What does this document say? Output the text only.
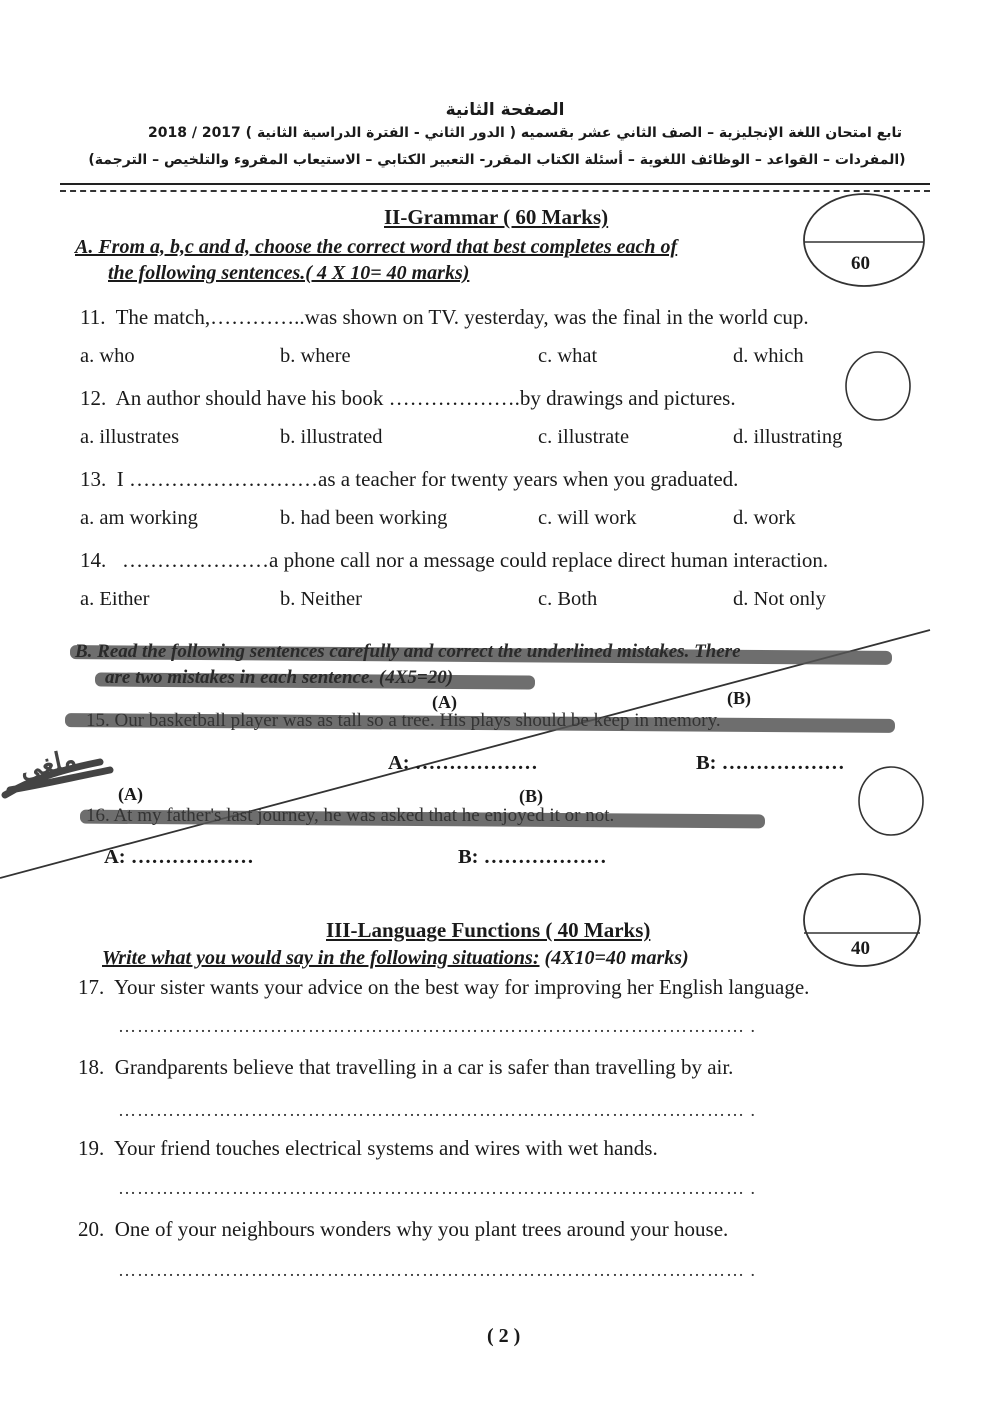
الصفحة الثانية
تابع امتحان اللغة الإنجليزية – الصف الثاني عشر بقسميه ( الدور الثاني - الفترة الدراسية الثانية ) 2017 / 2018
(المفردات – القواعد – الوظائف اللغوية – أسئلة الكتاب المقرر- التعبير الكتابي – الاستيعاب المقروء والتلخيص – الترجمة)
II-Grammar ( 60 Marks)
60
A. From a, b,c and d, choose the correct word that best completes each of
the following sentences.( 4 X 10= 40 marks)
11. The match,…………..was shown on TV. yesterday, was the final in the world cup.
a. who	b. where	c. what	d. which
12. An author should have his book ……………….by drawings and pictures.
a. illustrates	b. illustrated	c. illustrate	d. illustrating
13. I ………………………as a teacher for twenty years when you graduated.
a. am working	b. had been working	c. will work	d. work
14. …………………a phone call nor a message could replace direct human interaction.
a. Either	b. Neither	c. Both	d. Not only
B. Read the following sentences carefully and correct the underlined mistakes. There
are two mistakes in each sentence. (4X5=20)
(A)	(B)
15. Our basketball player was as tall so a tree. His plays should be keep in memory.
A: ………………	B: ………………
ملغي
(A)	(B)
16. At my father's last journey, he was asked that he enjoyed it or not.
A: ………………	B: ………………
III-Language Functions ( 40 Marks)
40
Write what you would say in the following situations: (4X10=40 marks)
17. Your sister wants your advice on the best way for improving her English language.
……………………………………………………………………………………… .
18. Grandparents believe that travelling in a car is safer than travelling by air.
……………………………………………………………………………………… .
19. Your friend touches electrical systems and wires with wet hands.
……………………………………………………………………………………… .
20. One of your neighbours wonders why you plant trees around your house.
……………………………………………………………………………………… .
( 2 )
